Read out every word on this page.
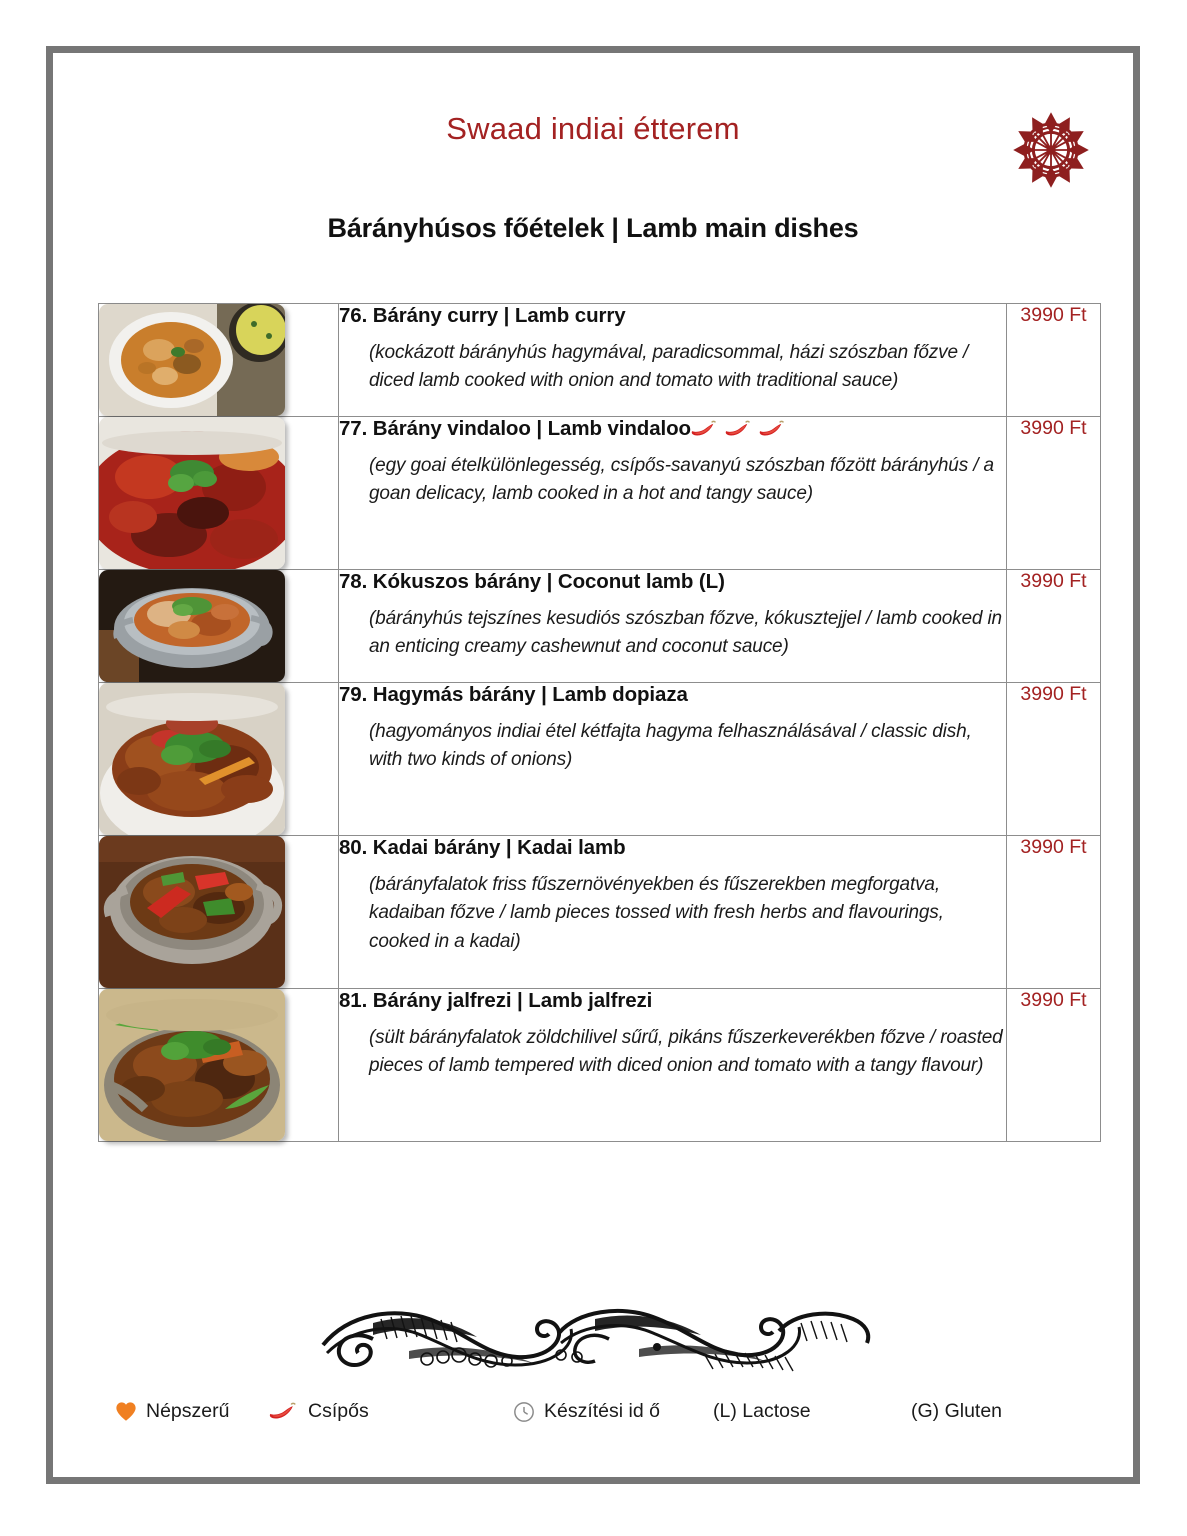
Swaad indiai étterem
Bárányhúsos főételek | Lamb main dishes

76. Bárány curry | Lamb curry
(kockázott bárányhús hagymával, paradicsommal, házi szószban főzve / diced lamb cooked with onion and tomato with traditional sauce)	3990 Ft

77. Bárány vindaloo | Lamb vindaloo
(egy goai ételkülönlegesség, csípős-savanyú szószban főzött bárányhús / a goan delicacy, lamb cooked in a hot and tangy sauce)	3990 Ft

78. Kókuszos bárány | Coconut lamb (L)
(bárányhús tejszínes kesudiós szószban főzve, kókusztejjel / lamb cooked in an enticing creamy cashewnut and coconut sauce)	3990 Ft

79. Hagymás bárány | Lamb dopiaza
(hagyományos indiai étel kétfajta hagyma felhasználásával / classic dish, with two kinds of onions)	3990 Ft

80. Kadai bárány | Kadai lamb
(bárányfalatok friss fűszernövényekben és fűszerekben megforgatva, kadaiban főzve / lamb pieces tossed with fresh herbs and flavourings, cooked in a kadai)	3990 Ft

81. Bárány jalfrezi | Lamb jalfrezi
(sült bárányfalatok zöldchilivel sűrű, pikáns fűszerkeverékben főzve / roasted pieces of lamb tempered with diced onion and tomato with a tangy flavour)	3990 Ft
Népszerű	Csípős	Készítési id ő	(L) Lactose	(G) Gluten
